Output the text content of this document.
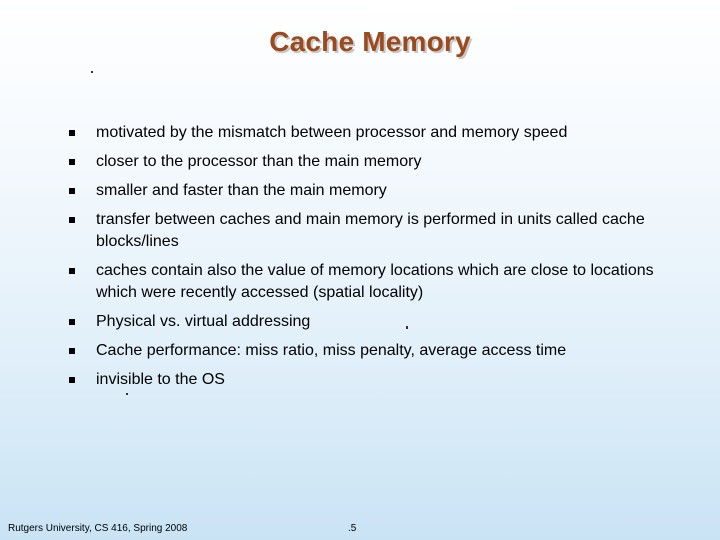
Cache Memory
motivated by the mismatch between processor and memory speed
closer to the processor than the main memory
smaller and faster than the main memory
transfer between caches and main memory is performed in units called cache blocks/lines
caches contain also the value of memory locations which are close to locations which were recently accessed (spatial locality)
Physical vs. virtual addressing
Cache performance: miss ratio, miss penalty, average access time
invisible to the OS
Rutgers University, CS 416, Spring 2008	.5
